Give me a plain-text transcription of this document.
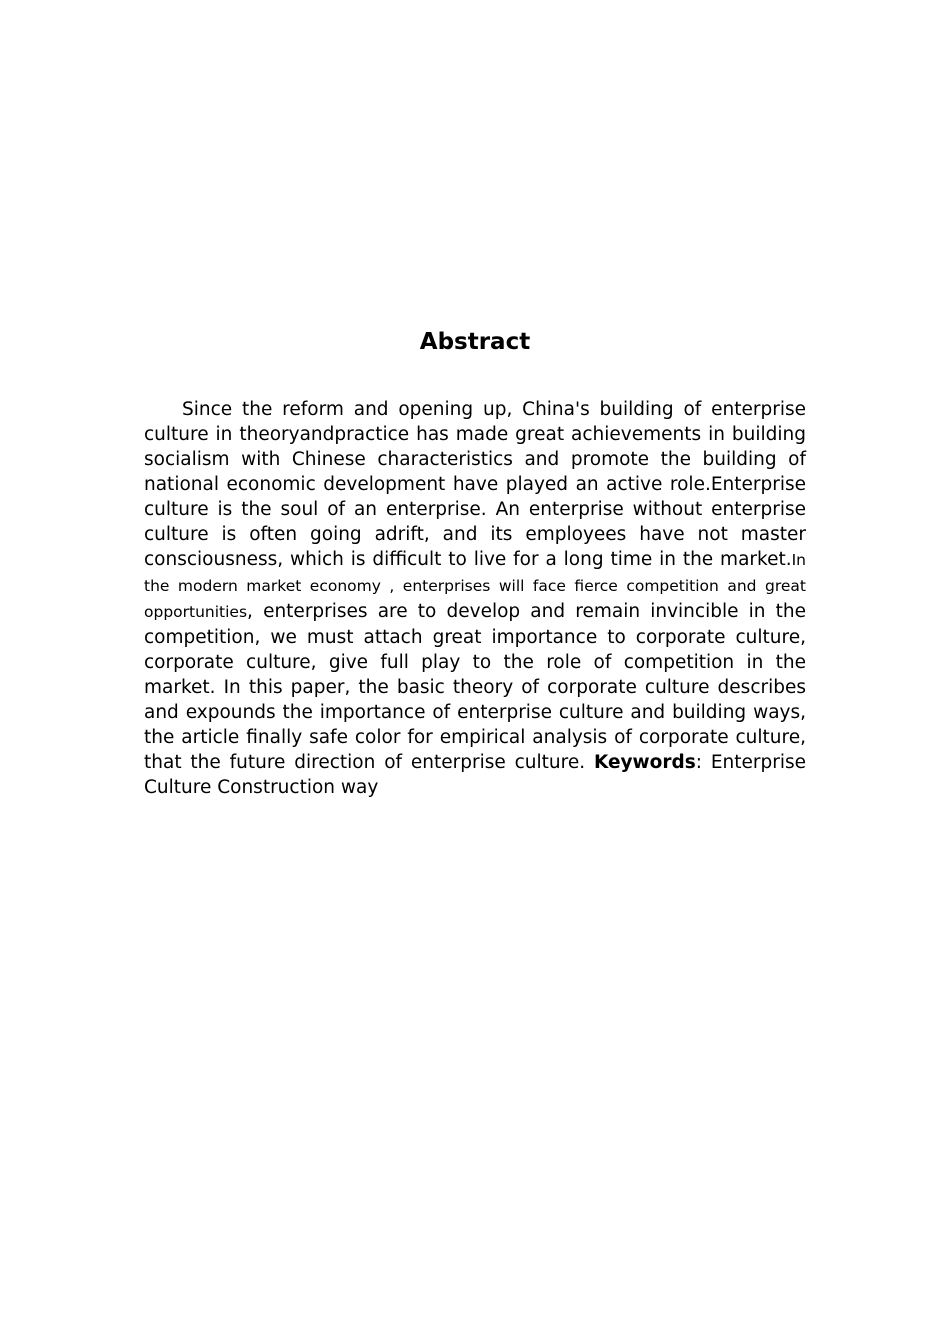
Abstract

Since the reform and opening up, China's building of enterprise culture in theoryandpractice has made great achievements in building socialism with Chinese characteristics and promote the building of national economic development have played an active role.Enterprise culture is the soul of an enterprise. An enterprise without enterprise culture is often going adrift, and its employees have not master consciousness, which is difficult to live for a long time in the market.In the modern market economy , enterprises will face fierce competition and great opportunities, enterprises are to develop and remain invincible in the competition, we must attach great importance to corporate culture, corporate culture, give full play to the role of competition in the market. In this paper, the basic theory of corporate culture describes and expounds the importance of enterprise culture and building ways, the article finally safe color for empirical analysis of corporate culture, that the future direction of enterprise culture. Keywords: Enterprise Culture Construction way
